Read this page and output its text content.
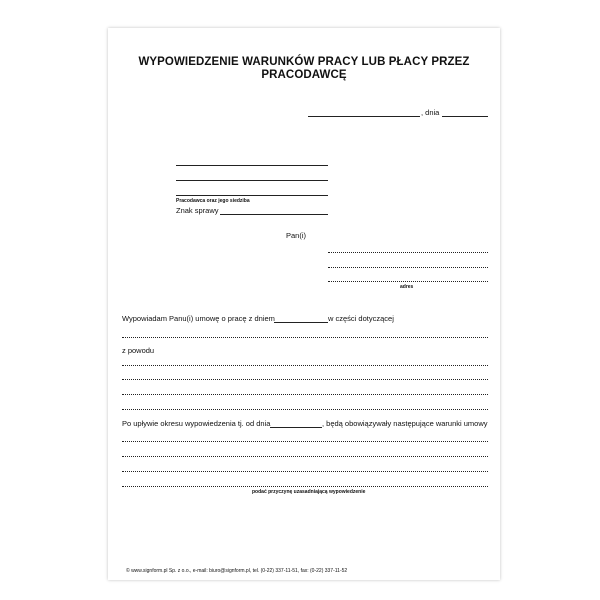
WYPOWIEDZENIE WARUNKÓW PRACY LUB PŁACY PRZEZ
PRACODAWCĘ
, dnia
Pracodawca oraz jego siedziba
Znak sprawy
Pan(i)
adres
Wypowiadam Panu(i) umowę o pracę z dniem	w części dotyczącej
z powodu
Po upływie okresu wypowiedzenia tj. od dnia	, będą obowiązywały następujące warunki umowy
podać przyczynę uzasadniającą wypowiedzenie
© www.signform.pl Sp. z o.o., e-mail: biuro@signform.pl, tel. (0-22) 337-11-51, fax: (0-22) 337-11-52
